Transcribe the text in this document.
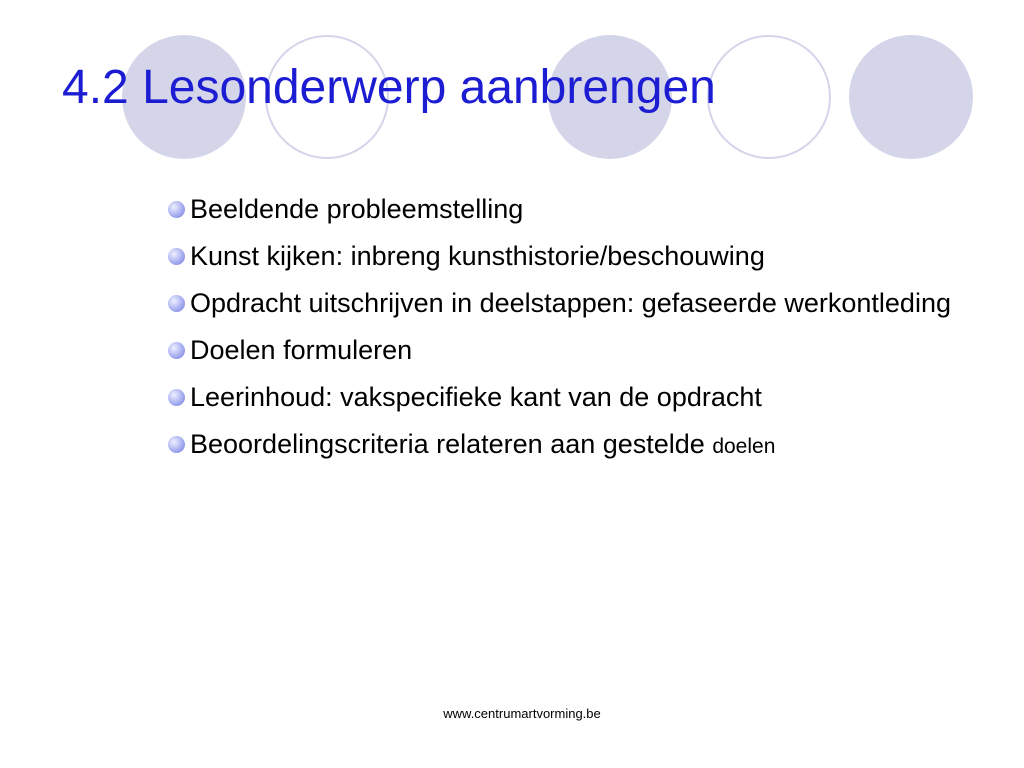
4.2 Lesonderwerp aanbrengen
Beeldende probleemstelling
Kunst kijken: inbreng kunsthistorie/beschouwing
Opdracht uitschrijven in deelstappen: gefaseerde werkontleding
Doelen formuleren
Leerinhoud: vakspecifieke kant van de opdracht
Beoordelingscriteria relateren aan gestelde doelen
www.centrumartvorming.be
